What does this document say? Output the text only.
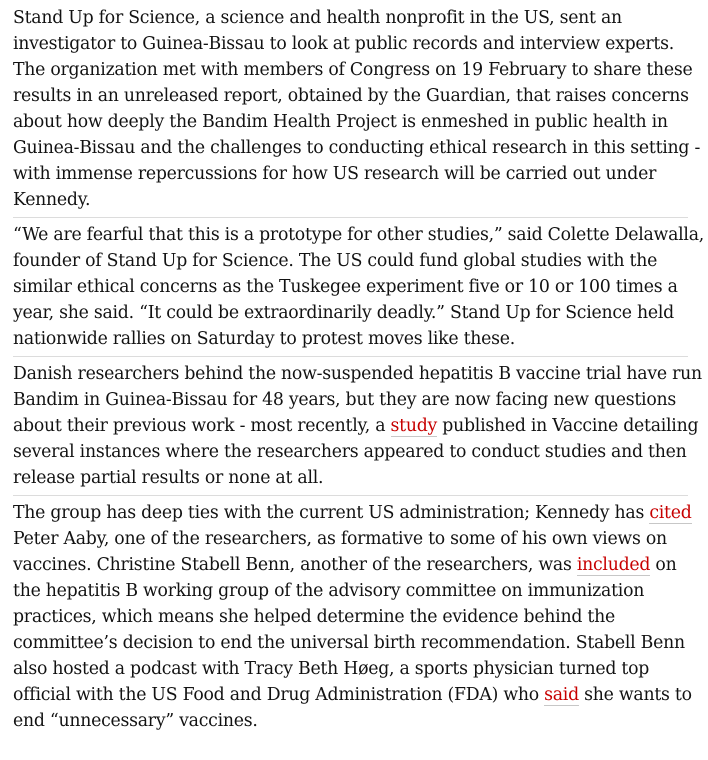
Stand Up for Science, a science and health nonprofit in the US, sent an investigator to Guinea-Bissau to look at public records and interview experts. The organization met with members of Congress on 19 February to share these results in an unreleased report, obtained by the Guardian, that raises concerns about how deeply the Bandim Health Project is enmeshed in public health in Guinea-Bissau and the challenges to conducting ethical research in this setting - with immense repercussions for how US research will be carried out under Kennedy.

“We are fearful that this is a prototype for other studies,” said Colette Delawalla, founder of Stand Up for Science. The US could fund global studies with the similar ethical concerns as the Tuskegee experiment five or 10 or 100 times a year, she said. “It could be extraordinarily deadly.” Stand Up for Science held nationwide rallies on Saturday to protest moves like these.

Danish researchers behind the now-suspended hepatitis B vaccine trial have run Bandim in Guinea-Bissau for 48 years, but they are now facing new questions about their previous work - most recently, a study published in Vaccine detailing several instances where the researchers appeared to conduct studies and then release partial results or none at all.

The group has deep ties with the current US administration; Kennedy has cited Peter Aaby, one of the researchers, as formative to some of his own views on vaccines. Christine Stabell Benn, another of the researchers, was included on the hepatitis B working group of the advisory committee on immunization practices, which means she helped determine the evidence behind the committee’s decision to end the universal birth recommendation. Stabell Benn also hosted a podcast with Tracy Beth Høeg, a sports physician turned top official with the US Food and Drug Administration (FDA) who said she wants to end “unnecessary” vaccines.
